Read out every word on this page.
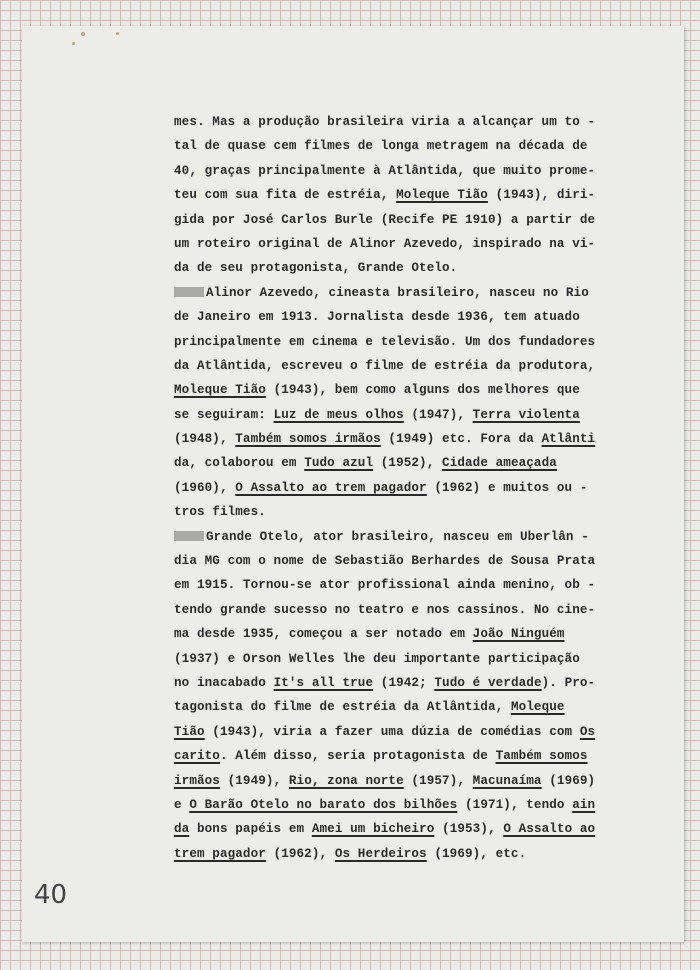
mes. Mas a produção brasileira viria a alcançar um to -
tal de quase cem filmes de longa metragem na década de
40, graças principalmente à Atlântida, que muito prome-
teu com sua fita de estréia, Moleque Tião (1943), diri-
gida por José Carlos Burle (Recife PE 1910) a partir de
um roteiro original de Alinor Azevedo, inspirado na vi-
da de seu protagonista, Grande Otelo.
Alinor Azevedo, cineasta brasileiro, nasceu no Rio
de Janeiro em 1913. Jornalista desde 1936, tem atuado
principalmente em cinema e televisão. Um dos fundadores
da Atlântida, escreveu o filme de estréia da produtora,
Moleque Tião (1943), bem como alguns dos melhores que
se seguiram: Luz de meus olhos (1947), Terra violenta
(1948), Também somos irmãos (1949) etc. Fora da Atlânti
da, colaborou em Tudo azul (1952), Cidade ameaçada
(1960), O Assalto ao trem pagador (1962) e muitos ou -
tros filmes.
Grande Otelo, ator brasileiro, nasceu em Uberlân -
dia MG com o nome de Sebastião Berhardes de Sousa Prata
em 1915. Tornou-se ator profissional ainda menino, ob -
tendo grande sucesso no teatro e nos cassinos. No cine-
ma desde 1935, começou a ser notado em João Ninguém
(1937) e Orson Welles lhe deu importante participação
no inacabado It's all true (1942; Tudo é verdade). Pro-
tagonista do filme de estréia da Atlântida, Moleque
Tião (1943), viria a fazer uma dúzia de comédias com Os
carito. Além disso, seria protagonista de Também somos
irmãos (1949), Rio, zona norte (1957), Macunaíma (1969)
e O Barão Otelo no barato dos bilhões (1971), tendo ain
da bons papéis em Amei um bicheiro (1953), O Assalto ao
trem pagador (1962), Os Herdeiros (1969), etc.
40
